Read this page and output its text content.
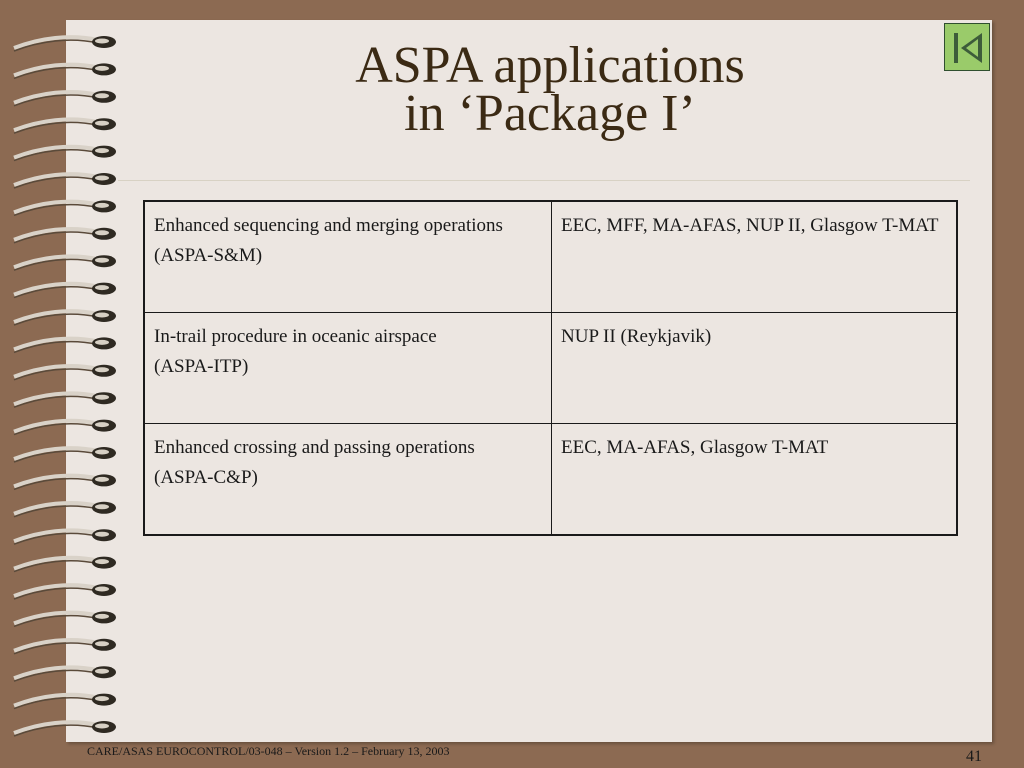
ASPA applications
in ‘Package I’
Enhanced sequencing and merging operations
(ASPA-S&M)	EEC, MFF, MA-AFAS, NUP II, Glasgow T-MAT

In-trail procedure in oceanic airspace
(ASPA-ITP)	NUP II (Reykjavik)

Enhanced crossing and passing operations
(ASPA-C&P)	EEC, MA-AFAS, Glasgow T-MAT
CARE/ASAS EUROCONTROL/03-048 – Version 1.2 – February 13, 2003	41
